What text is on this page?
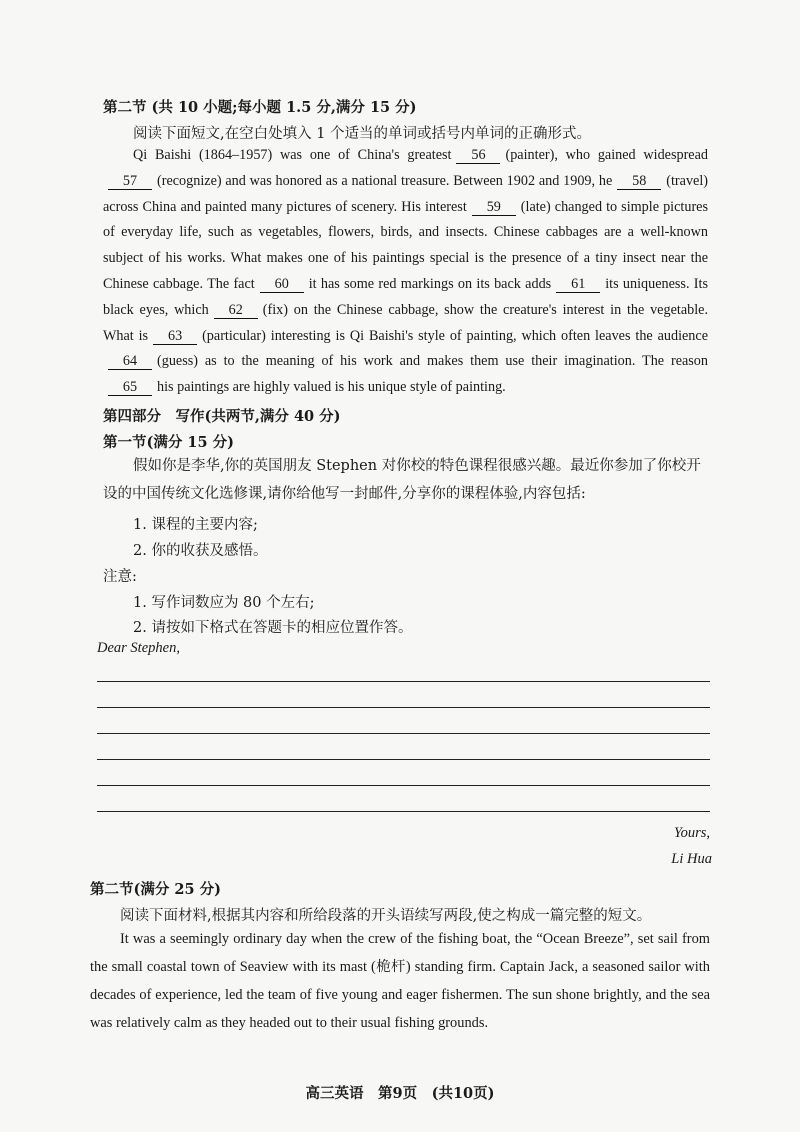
第二节 (共 10 小题;每小题 1.5 分,满分 15 分)
阅读下面短文,在空白处填入 1 个适当的单词或括号内单词的正确形式。
Qi Baishi (1864–1957) was one of China's greatest 56 (painter), who gained widespread 57 (recognize) and was honored as a national treasure. Between 1902 and 1909, he 58 (travel) across China and painted many pictures of scenery. His interest 59 (late) changed to simple pictures of everyday life, such as vegetables, flowers, birds, and insects. Chinese cabbages are a well-known subject of his works. What makes one of his paintings special is the presence of a tiny insect near the Chinese cabbage. The fact 60 it has some red markings on its back adds 61 its uniqueness. Its black eyes, which 62 (fix) on the Chinese cabbage, show the creature's interest in the vegetable. What is 63 (particular) interesting is Qi Baishi's style of painting, which often leaves the audience64 (guess) as to the meaning of his work and makes them use their imagination. The reason65 his paintings are highly valued is his unique style of painting.
第四部分　写作(共两节,满分 40 分)
第一节(满分 15 分)
假如你是李华,你的英国朋友 Stephen 对你校的特色课程很感兴趣。最近你参加了你校开设的中国传统文化选修课,请你给他写一封邮件,分享你的课程体验,内容包括:
1. 课程的主要内容;
2. 你的收获及感悟。
注意:
1. 写作词数应为 80 个左右;
2. 请按如下格式在答题卡的相应位置作答。
Dear Stephen,
Yours,
Li Hua
第二节(满分 25 分)
阅读下面材料,根据其内容和所给段落的开头语续写两段,使之构成一篇完整的短文。
It was a seemingly ordinary day when the crew of the fishing boat, the “Ocean Breeze”, set sail from the small coastal town of Seaview with its mast (桅杆) standing firm. Captain Jack, a seasoned sailor with decades of experience, led the team of five young and eager fishermen. The sun shone brightly, and the sea was relatively calm as they headed out to their usual fishing grounds.
高三英语　第9页　(共10页)
